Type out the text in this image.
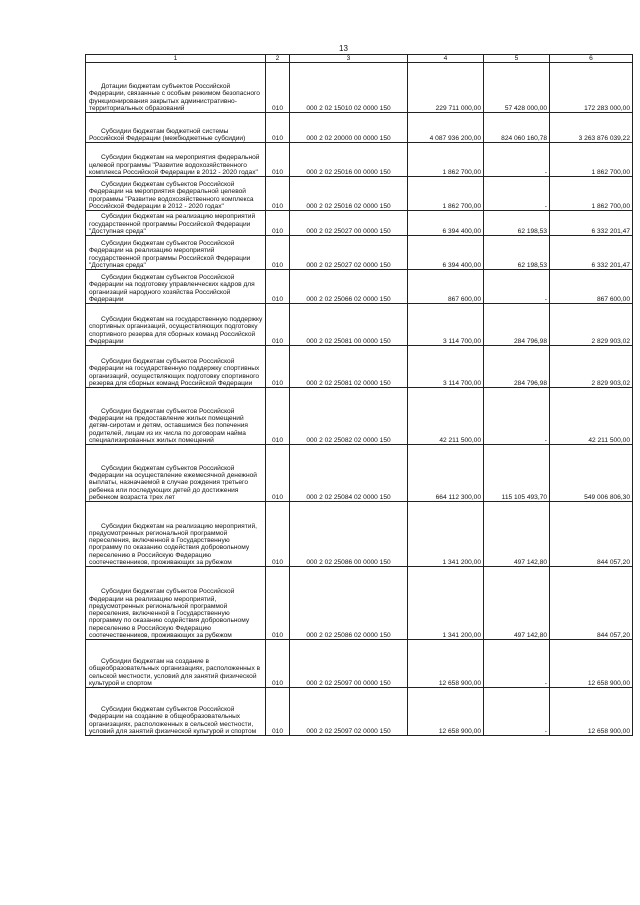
13
1	2	3	4	5	6

Дотации бюджетам субъектов Российской Федерации, связанные с особым режимом безопасного функционирования закрытых административно-территориальных образований	010	000 2 02 15010 02 0000 150	229 711 000,00	57 428 000,00	172 283 000,00

Субсидии бюджетам бюджетной системы Российской Федерации (межбюджетные субсидии)	010	000 2 02 20000 00 0000 150	4 087 936 200,00	824 060 160,78	3 263 876 039,22

Субсидии бюджетам на мероприятия федеральной целевой программы "Развитие водохозяйственного комплекса Российской Федерации в 2012 - 2020 годах"	010	000 2 02 25016 00 0000 150	1 862 700,00	-	1 862 700,00

Субсидии бюджетам субъектов Российской Федерации на мероприятия федеральной целевой программы "Развитие водохозяйственного комплекса Российской Федерации в 2012 - 2020 годах"	010	000 2 02 25016 02 0000 150	1 862 700,00	-	1 862 700,00

Субсидии бюджетам на реализацию мероприятий государственной программы Российской Федерации "Доступная среда"	010	000 2 02 25027 00 0000 150	6 394 400,00	62 198,53	6 332 201,47

Субсидии бюджетам субъектов Российской Федерации на реализацию мероприятий государственной программы Российской Федерации "Доступная среда"	010	000 2 02 25027 02 0000 150	6 394 400,00	62 198,53	6 332 201,47

Субсидии бюджетам субъектов Российской Федерации на подготовку управленческих кадров для организаций народного хозяйства Российской Федерации	010	000 2 02 25066 02 0000 150	867 600,00	-	867 600,00

Субсидии бюджетам на государственную поддержку спортивных организаций, осуществляющих подготовку спортивного резерва для сборных команд Российской Федерации	010	000 2 02 25081 00 0000 150	3 114 700,00	284 796,98	2 829 903,02

Субсидии бюджетам субъектов Российской Федерации на государственную поддержку спортивных организаций, осуществляющих подготовку спортивного резерва для сборных команд Российской Федерации	010	000 2 02 25081 02 0000 150	3 114 700,00	284 796,98	2 829 903,02

Субсидии бюджетам субъектов Российской Федерации на предоставление жилых помещений детям-сиротам и детям, оставшимся без попечения родителей, лицам из их числа по договорам найма специализированных жилых помещений	010	000 2 02 25082 02 0000 150	42 211 500,00	-	42 211 500,00

Субсидии бюджетам субъектов Российской Федерации на осуществление ежемесячной денежной выплаты, назначаемой в случае рождения третьего ребенка или последующих детей до достижения ребенком возраста трех лет	010	000 2 02 25084 02 0000 150	664 112 300,00	115 105 493,70	549 006 806,30

Субсидии бюджетам на реализацию мероприятий, предусмотренных региональной программой переселения, включенной в Государственную программу по оказанию содействия добровольному переселению в Российскую Федерацию соотечественников, проживающих за рубежом	010	000 2 02 25086 00 0000 150	1 341 200,00	497 142,80	844 057,20

Субсидии бюджетам субъектов Российской Федерации на реализацию мероприятий, предусмотренных региональной программой переселения, включенной в Государственную программу по оказанию содействия добровольному переселению в Российскую Федерацию соотечественников, проживающих за рубежом	010	000 2 02 25086 02 0000 150	1 341 200,00	497 142,80	844 057,20

Субсидии бюджетам на создание в общеобразовательных организациях, расположенных в сельской местности, условий для занятий физической культурой и спортом	010	000 2 02 25097 00 0000 150	12 658 900,00	-	12 658 900,00

Субсидии бюджетам субъектов Российской Федерации на создание в общеобразовательных организациях, расположенных в сельской местности, условий для занятий физической культурой и спортом	010	000 2 02 25097 02 0000 150	12 658 900,00	-	12 658 900,00
